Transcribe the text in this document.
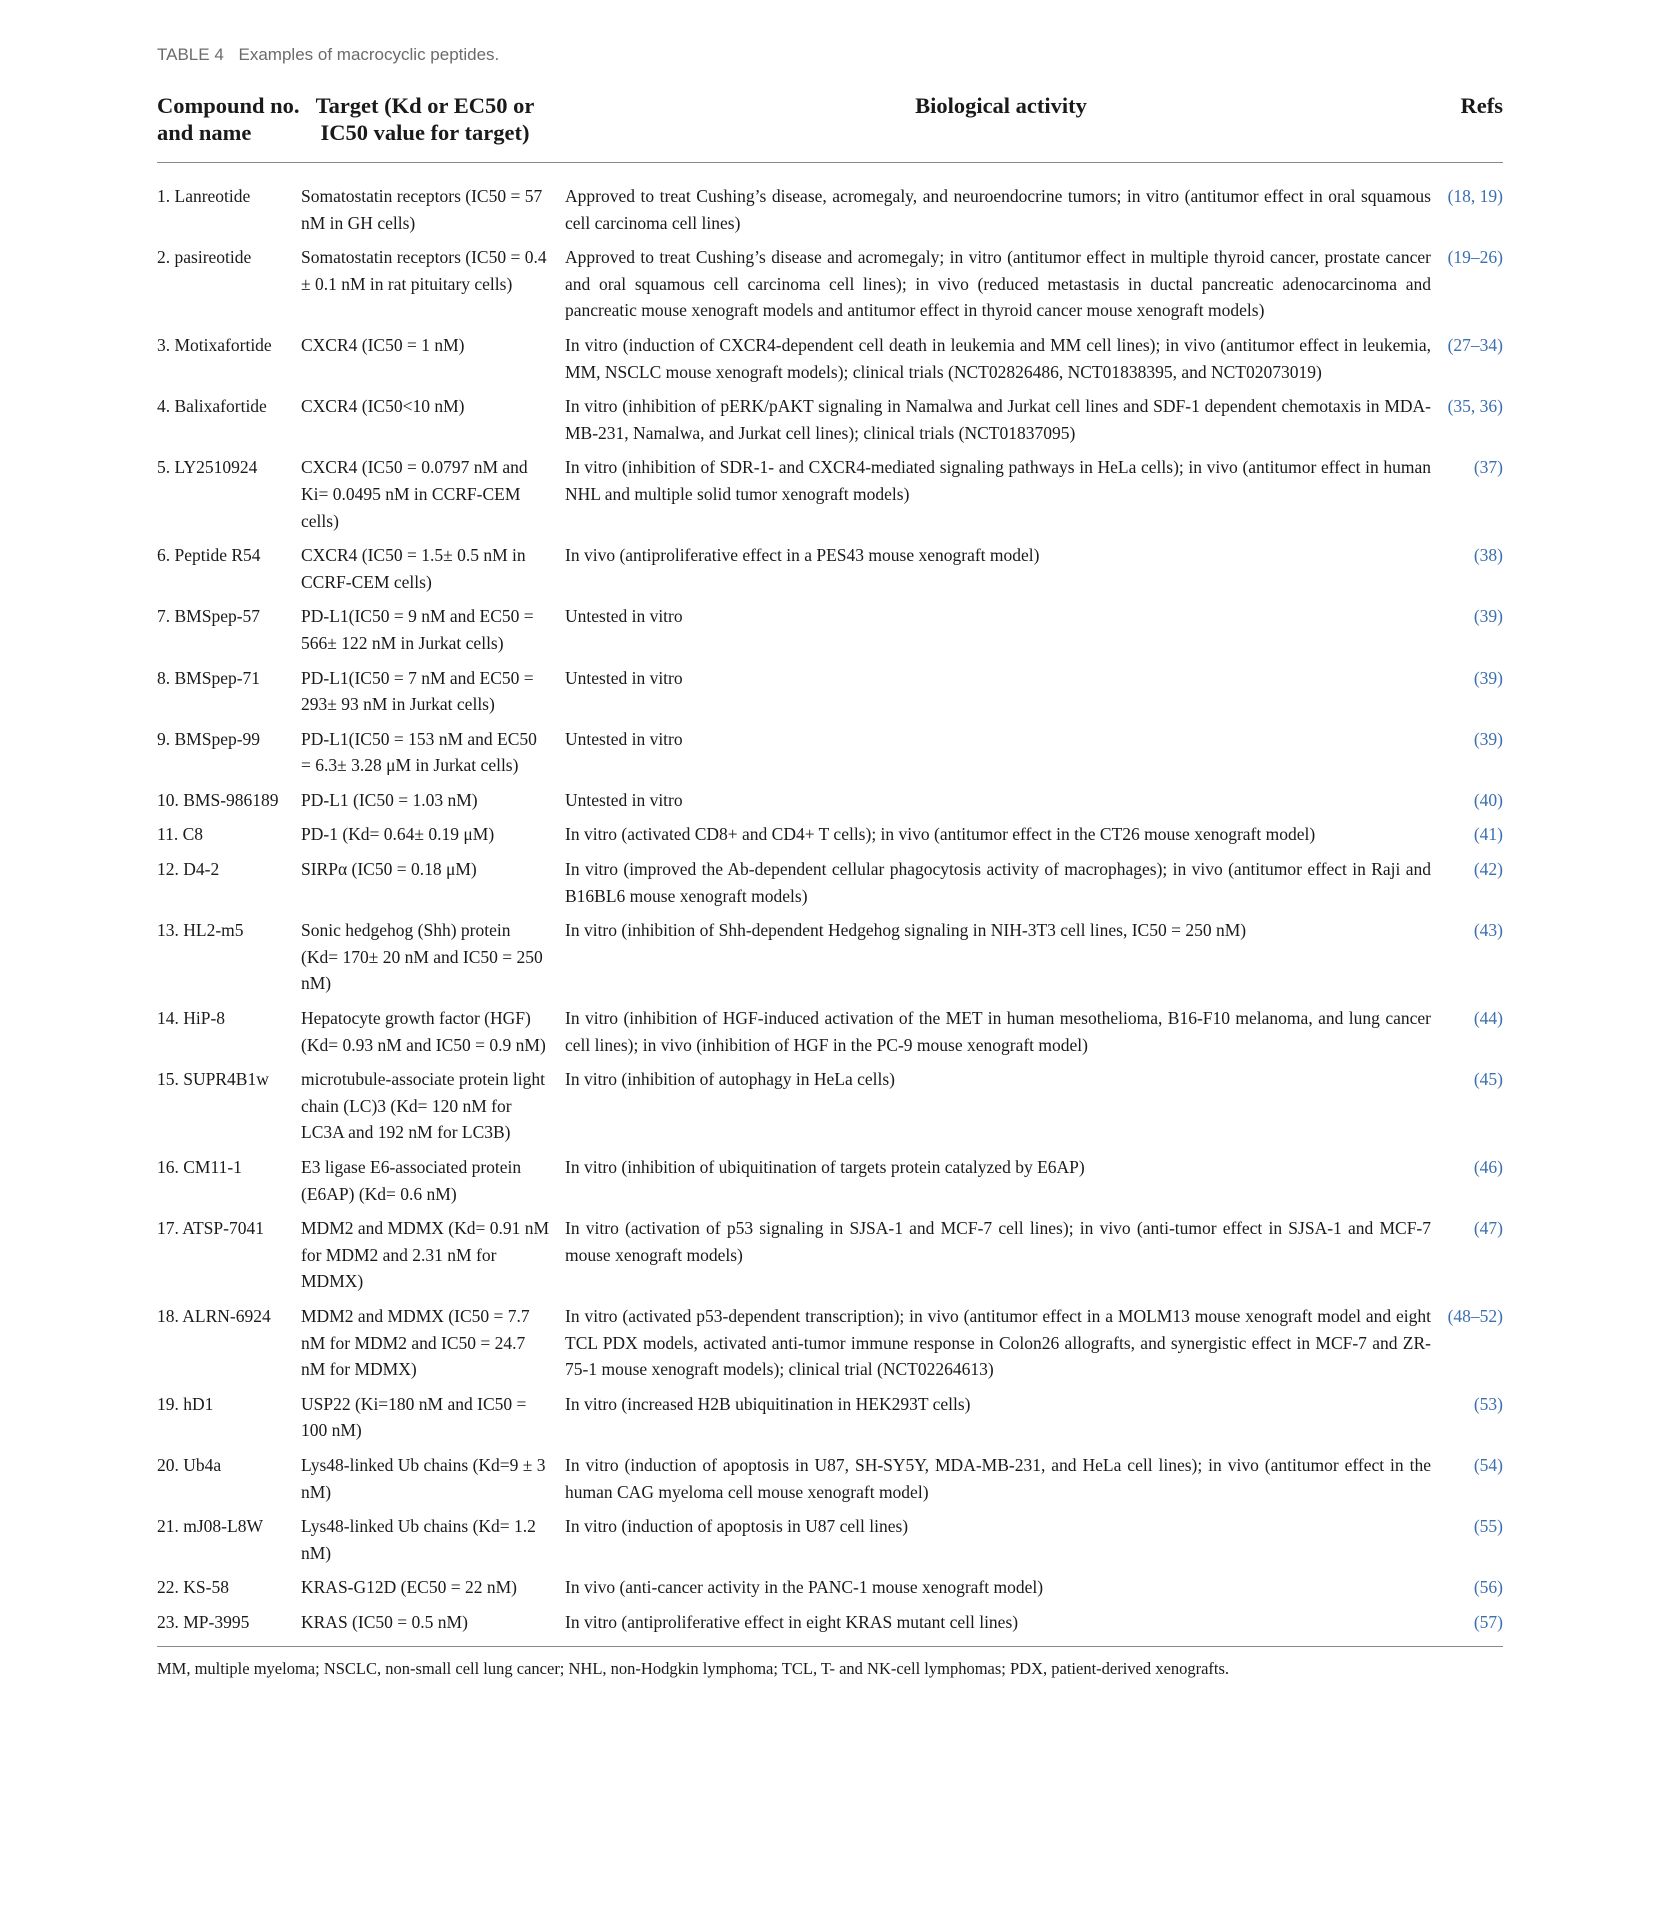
TABLE 4 Examples of macrocyclic peptides.
Compound no. and name	Target (Kd or EC50 or IC50 value for target)	Biological activity	Refs
1. Lanreotide	Somatostatin receptors (IC50 = 57 nM in GH cells)	Approved to treat Cushing’s disease, acromegaly, and neuroendocrine tumors; in vitro (antitumor effect in oral squamous cell carcinoma cell lines)	(18, 19)
2. pasireotide	Somatostatin receptors (IC50 = 0.4 ± 0.1 nM in rat pituitary cells)	Approved to treat Cushing’s disease and acromegaly; in vitro (antitumor effect in multiple thyroid cancer, prostate cancer and oral squamous cell carcinoma cell lines); in vivo (reduced metastasis in ductal pancreatic adenocarcinoma and pancreatic mouse xenograft models and antitumor effect in thyroid cancer mouse xenograft models)	(19–26)
3. Motixafortide	CXCR4 (IC50 = 1 nM)	In vitro (induction of CXCR4-dependent cell death in leukemia and MM cell lines); in vivo (antitumor effect in leukemia, MM, NSCLC mouse xenograft models); clinical trials (NCT02826486, NCT01838395, and NCT02073019)	(27–34)
4. Balixafortide	CXCR4 (IC50<10 nM)	In vitro (inhibition of pERK/pAKT signaling in Namalwa and Jurkat cell lines and SDF-1 dependent chemotaxis in MDA-MB-231, Namalwa, and Jurkat cell lines); clinical trials (NCT01837095)	(35, 36)
5. LY2510924	CXCR4 (IC50 = 0.0797 nM and Ki= 0.0495 nM in CCRF-CEM cells)	In vitro (inhibition of SDR-1- and CXCR4-mediated signaling pathways in HeLa cells); in vivo (antitumor effect in human NHL and multiple solid tumor xenograft models)	(37)
6. Peptide R54	CXCR4 (IC50 = 1.5± 0.5 nM in CCRF-CEM cells)	In vivo (antiproliferative effect in a PES43 mouse xenograft model)	(38)
7. BMSpep-57	PD-L1(IC50 = 9 nM and EC50 = 566± 122 nM in Jurkat cells)	Untested in vitro	(39)
8. BMSpep-71	PD-L1(IC50 = 7 nM and EC50 = 293± 93 nM in Jurkat cells)	Untested in vitro	(39)
9. BMSpep-99	PD-L1(IC50 = 153 nM and EC50 = 6.3± 3.28 μM in Jurkat cells)	Untested in vitro	(39)
10. BMS-986189	PD-L1 (IC50 = 1.03 nM)	Untested in vitro	(40)
11. C8	PD-1 (Kd= 0.64± 0.19 μM)	In vitro (activated CD8+ and CD4+ T cells); in vivo (antitumor effect in the CT26 mouse xenograft model)	(41)
12. D4-2	SIRPα (IC50 = 0.18 μM)	In vitro (improved the Ab-dependent cellular phagocytosis activity of macrophages); in vivo (antitumor effect in Raji and B16BL6 mouse xenograft models)	(42)
13. HL2-m5	Sonic hedgehog (Shh) protein (Kd= 170± 20 nM and IC50 = 250 nM)	In vitro (inhibition of Shh-dependent Hedgehog signaling in NIH-3T3 cell lines, IC50 = 250 nM)	(43)
14. HiP-8	Hepatocyte growth factor (HGF) (Kd= 0.93 nM and IC50 = 0.9 nM)	In vitro (inhibition of HGF-induced activation of the MET in human mesothelioma, B16-F10 melanoma, and lung cancer cell lines); in vivo (inhibition of HGF in the PC-9 mouse xenograft model)	(44)
15. SUPR4B1w	microtubule-associate protein light chain (LC)3 (Kd= 120 nM for LC3A and 192 nM for LC3B)	In vitro (inhibition of autophagy in HeLa cells)	(45)
16. CM11-1	E3 ligase E6-associated protein (E6AP) (Kd= 0.6 nM)	In vitro (inhibition of ubiquitination of targets protein catalyzed by E6AP)	(46)
17. ATSP-7041	MDM2 and MDMX (Kd= 0.91 nM for MDM2 and 2.31 nM for MDMX)	In vitro (activation of p53 signaling in SJSA-1 and MCF-7 cell lines); in vivo (anti-tumor effect in SJSA-1 and MCF-7 mouse xenograft models)	(47)
18. ALRN-6924	MDM2 and MDMX (IC50 = 7.7 nM for MDM2 and IC50 = 24.7 nM for MDMX)	In vitro (activated p53-dependent transcription); in vivo (antitumor effect in a MOLM13 mouse xenograft model and eight TCL PDX models, activated anti-tumor immune response in Colon26 allografts, and synergistic effect in MCF-7 and ZR-75-1 mouse xenograft models); clinical trial (NCT02264613)	(48–52)
19. hD1	USP22 (Ki=180 nM and IC50 = 100 nM)	In vitro (increased H2B ubiquitination in HEK293T cells)	(53)
20. Ub4a	Lys48-linked Ub chains (Kd=9 ± 3 nM)	In vitro (induction of apoptosis in U87, SH-SY5Y, MDA-MB-231, and HeLa cell lines); in vivo (antitumor effect in the human CAG myeloma cell mouse xenograft model)	(54)
21. mJ08-L8W	Lys48-linked Ub chains (Kd= 1.2 nM)	In vitro (induction of apoptosis in U87 cell lines)	(55)
22. KS-58	KRAS-G12D (EC50 = 22 nM)	In vivo (anti-cancer activity in the PANC-1 mouse xenograft model)	(56)
23. MP-3995	KRAS (IC50 = 0.5 nM)	In vitro (antiproliferative effect in eight KRAS mutant cell lines)	(57)
MM, multiple myeloma; NSCLC, non-small cell lung cancer; NHL, non-Hodgkin lymphoma; TCL, T- and NK-cell lymphomas; PDX, patient-derived xenografts.
